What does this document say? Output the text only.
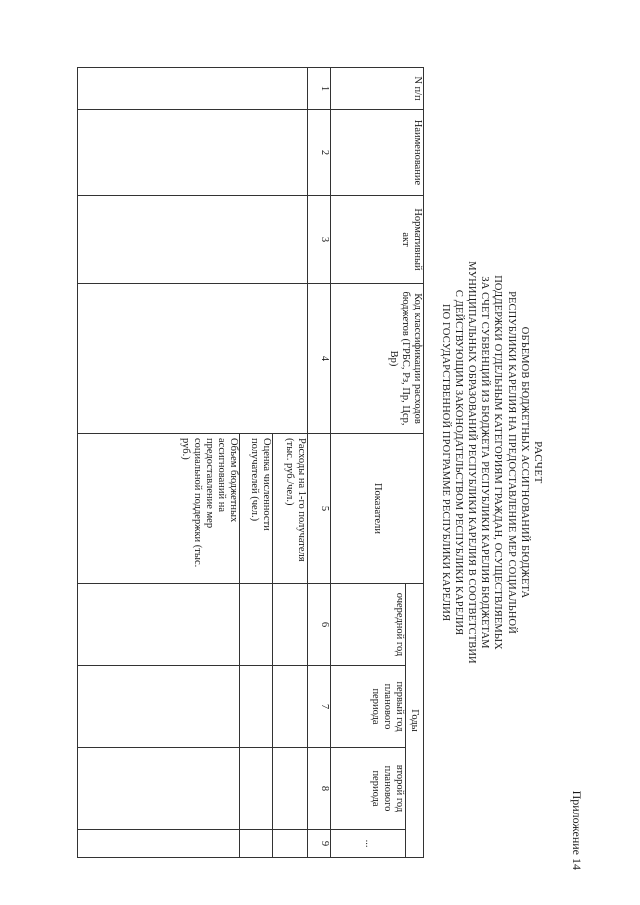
Приложение 14
РАСЧЕТ
ОБЪЕМОВ БЮДЖЕТНЫХ АССИГНОВАНИЙ БЮДЖЕТА
РЕСПУБЛИКИ КАРЕЛИЯ НА ПРЕДОСТАВЛЕНИЕ МЕР СОЦИАЛЬНОЙ
ПОДДЕРЖКИ ОТДЕЛЬНЫМ КАТЕГОРИЯМ ГРАЖДАН, ОСУЩЕСТВЛЯЕМЫХ
ЗА СЧЕТ СУБВЕНЦИЙ ИЗ БЮДЖЕТА РЕСПУБЛИКИ КАРЕЛИЯ БЮДЖЕТАМ
МУНИЦИПАЛЬНЫХ ОБРАЗОВАНИЙ РЕСПУБЛИКИ КАРЕЛИЯ В СООТВЕТСТВИИ
С ДЕЙСТВУЮЩИМ ЗАКОНОДАТЕЛЬСТВОМ РЕСПУБЛИКИ КАРЕЛИЯ
ПО ГОСУДАРСТВЕННОЙ ПРОГРАММЕ РЕСПУБЛИКИ КАРЕЛИЯ
N п/п	Наименование	Нормативный акт	Код классификации расходов бюджетов (ГРБС, Рз, Пр, Цср, Вр)	Показатели	Годы			
					очередной год	первый год планового периода	второй год планового периода	...
1	2	3	4	5	6	7	8	9
				Расходы на 1-го получателя (тыс. руб./чел.)				
				Оценка численности получателей (чел.)				
				Объем бюджетных ассигнований на предоставление мер социальной поддержки (тыс. руб.)				
